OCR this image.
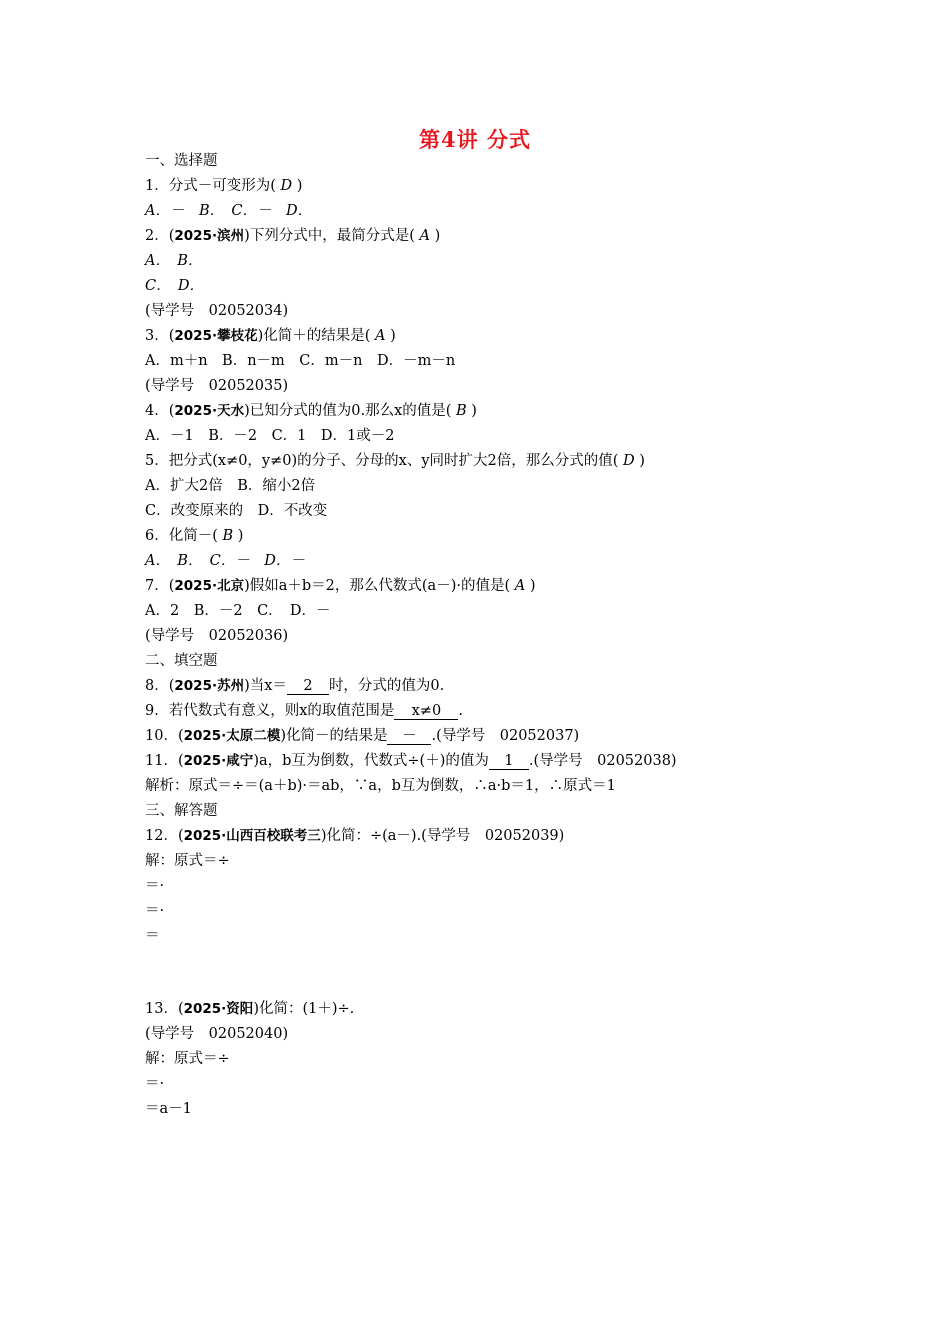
第4讲 分式
一、选择题
1．分式－可变形为( D )
A．－　B．　C．－　D．
2．(2025·滨州)下列分式中，最简分式是( A )
A．　B．
C．　D．
(导学号　02052034)
3．(2025·攀枝花)化简＋的结果是( A )
A．m＋n　B．n－m　C．m－n　D．－m－n
(导学号　02052035)
4．(2025·天水)已知分式的值为0.那么x的值是( B )
A．－1　B．－2　C．1　D．1或－2
5．把分式(x≠0，y≠0)的分子、分母的x、y同时扩大2倍，那么分式的值( D )
A．扩大2倍　B．缩小2倍
C．改变原来的　D．不改变
6．化简－( B )
A．　B．　C．－　D．－
7．(2025·北京)假如a＋b＝2，那么代数式(a－)·的值是( A )
A．2　B．－2　C．　D．－
(导学号　02052036)
二、填空题
8．(2025·苏州)当x＝ 2 时，分式的值为0.
9．若代数式有意义，则x的取值范围是 x≠0 .
10．(2025·太原二模)化简－的结果是 － .(导学号　02052037)
11．(2025·咸宁)a，b互为倒数，代数式÷(＋)的值为 1 .(导学号　02052038)
解析：原式＝÷＝(a＋b)·＝ab，∵a，b互为倒数，∴a·b＝1，∴原式＝1
三、解答题
12．(2025·山西百校联考三)化简：÷(a－).(导学号　02052039)
解：原式＝÷
＝·
＝·
＝
13．(2025·资阳)化简：(1＋)÷.
(导学号　02052040)
解：原式＝÷
＝·
＝a－1
